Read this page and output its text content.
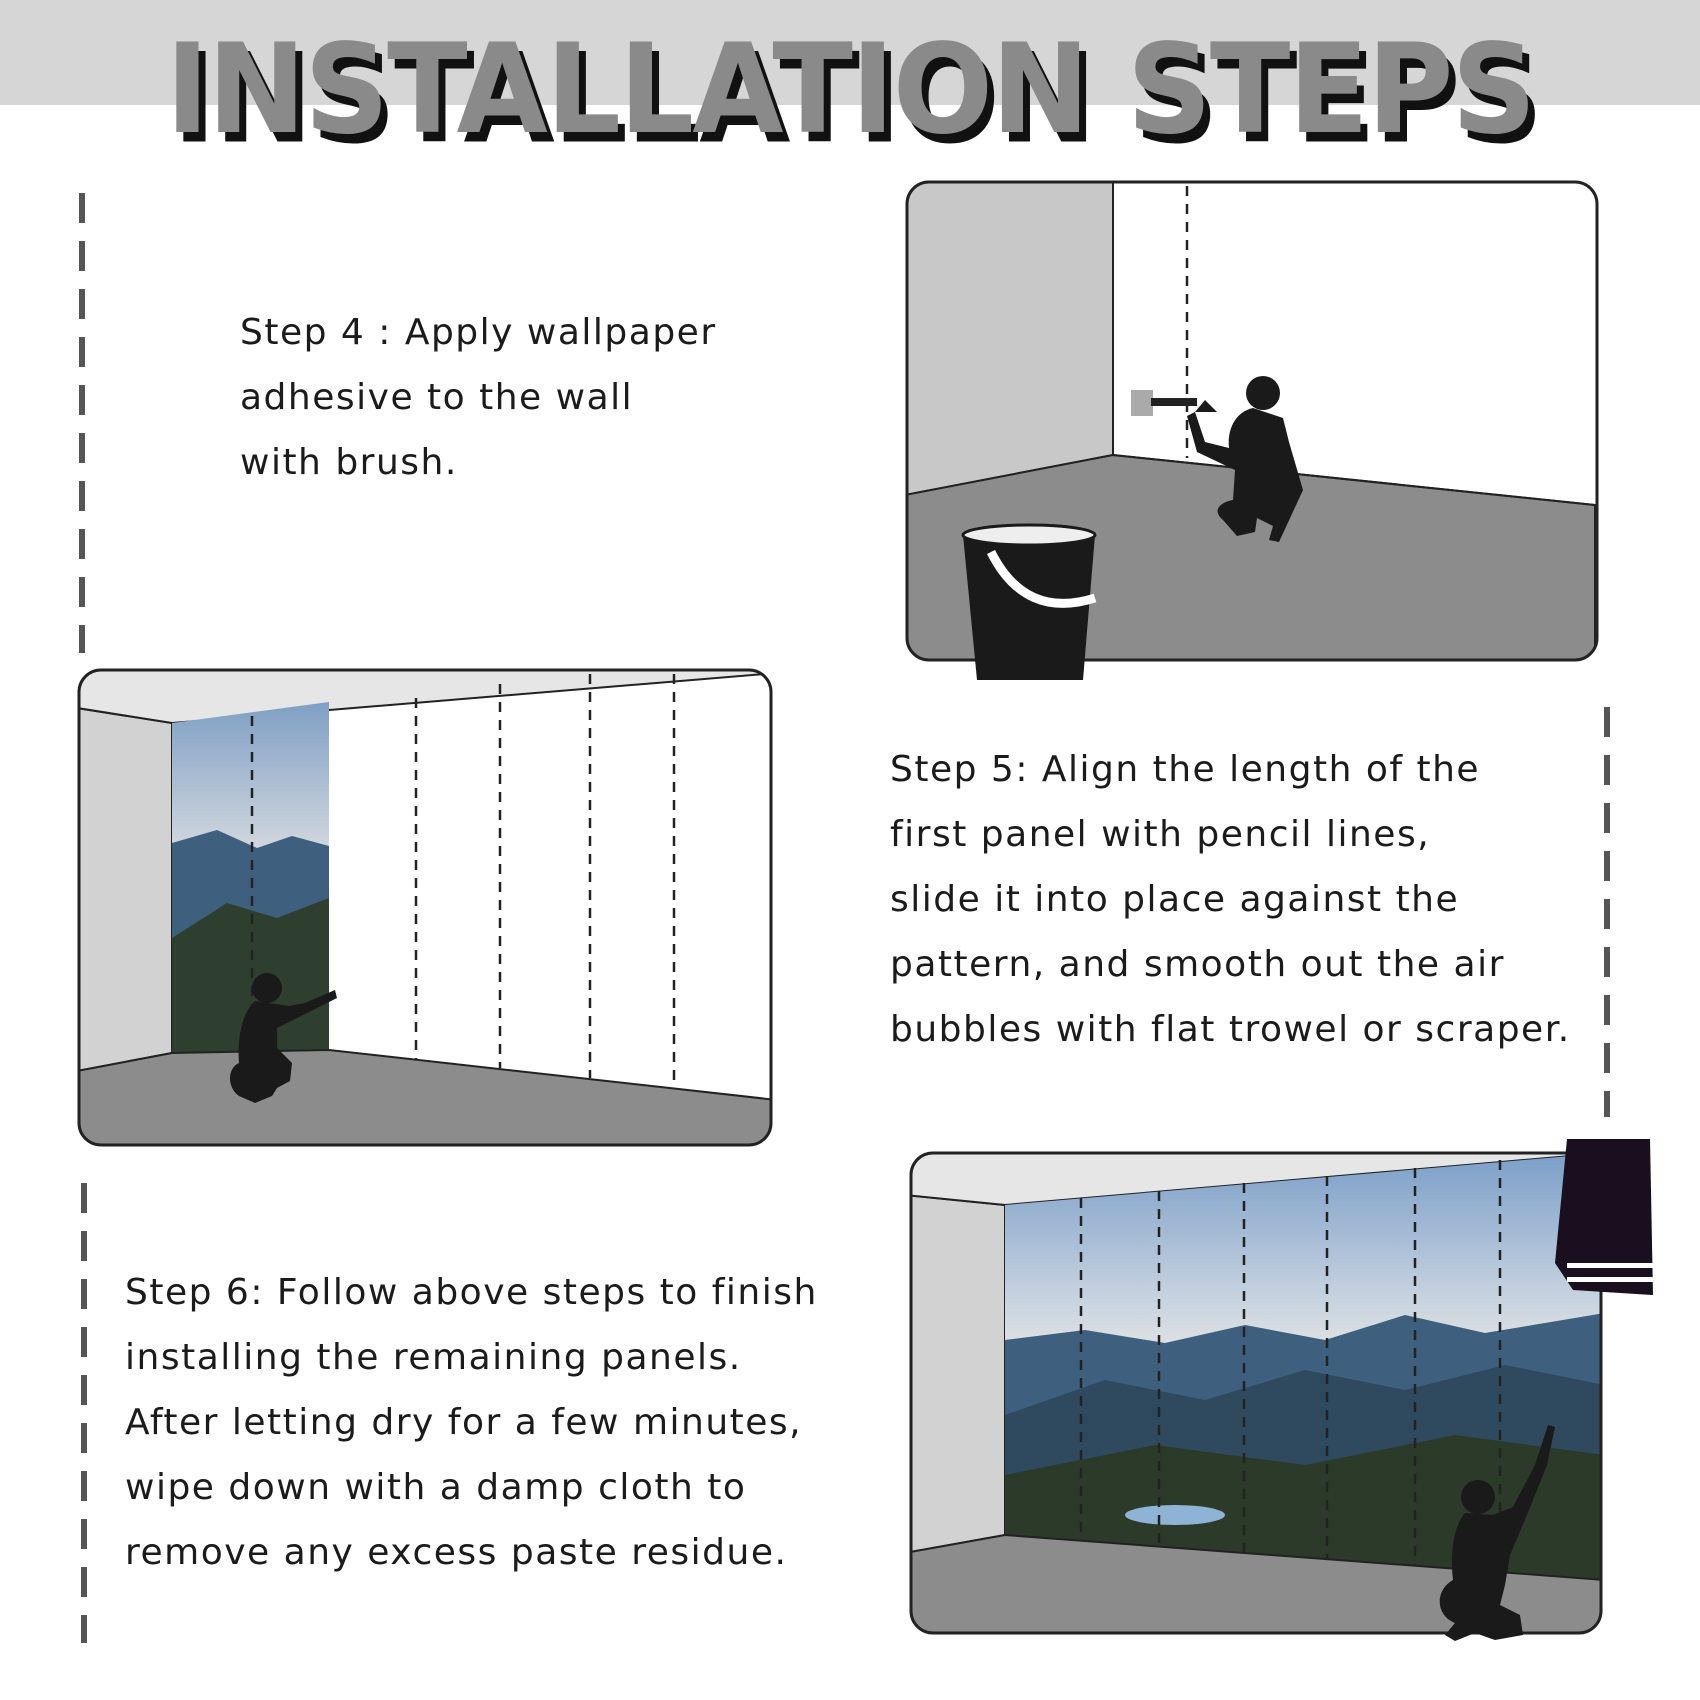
INSTALLATION STEPS
Step 4 : Apply wallpaper
adhesive to the wall
with brush.
Step 5: Align the length of the
first panel with pencil lines,
slide it into place against the
pattern, and smooth out the air
bubbles with flat trowel or scraper.
Step 6: Follow above steps to finish
installing the remaining panels.
After letting dry for a few minutes,
wipe down with a damp cloth to
remove any excess paste residue.
